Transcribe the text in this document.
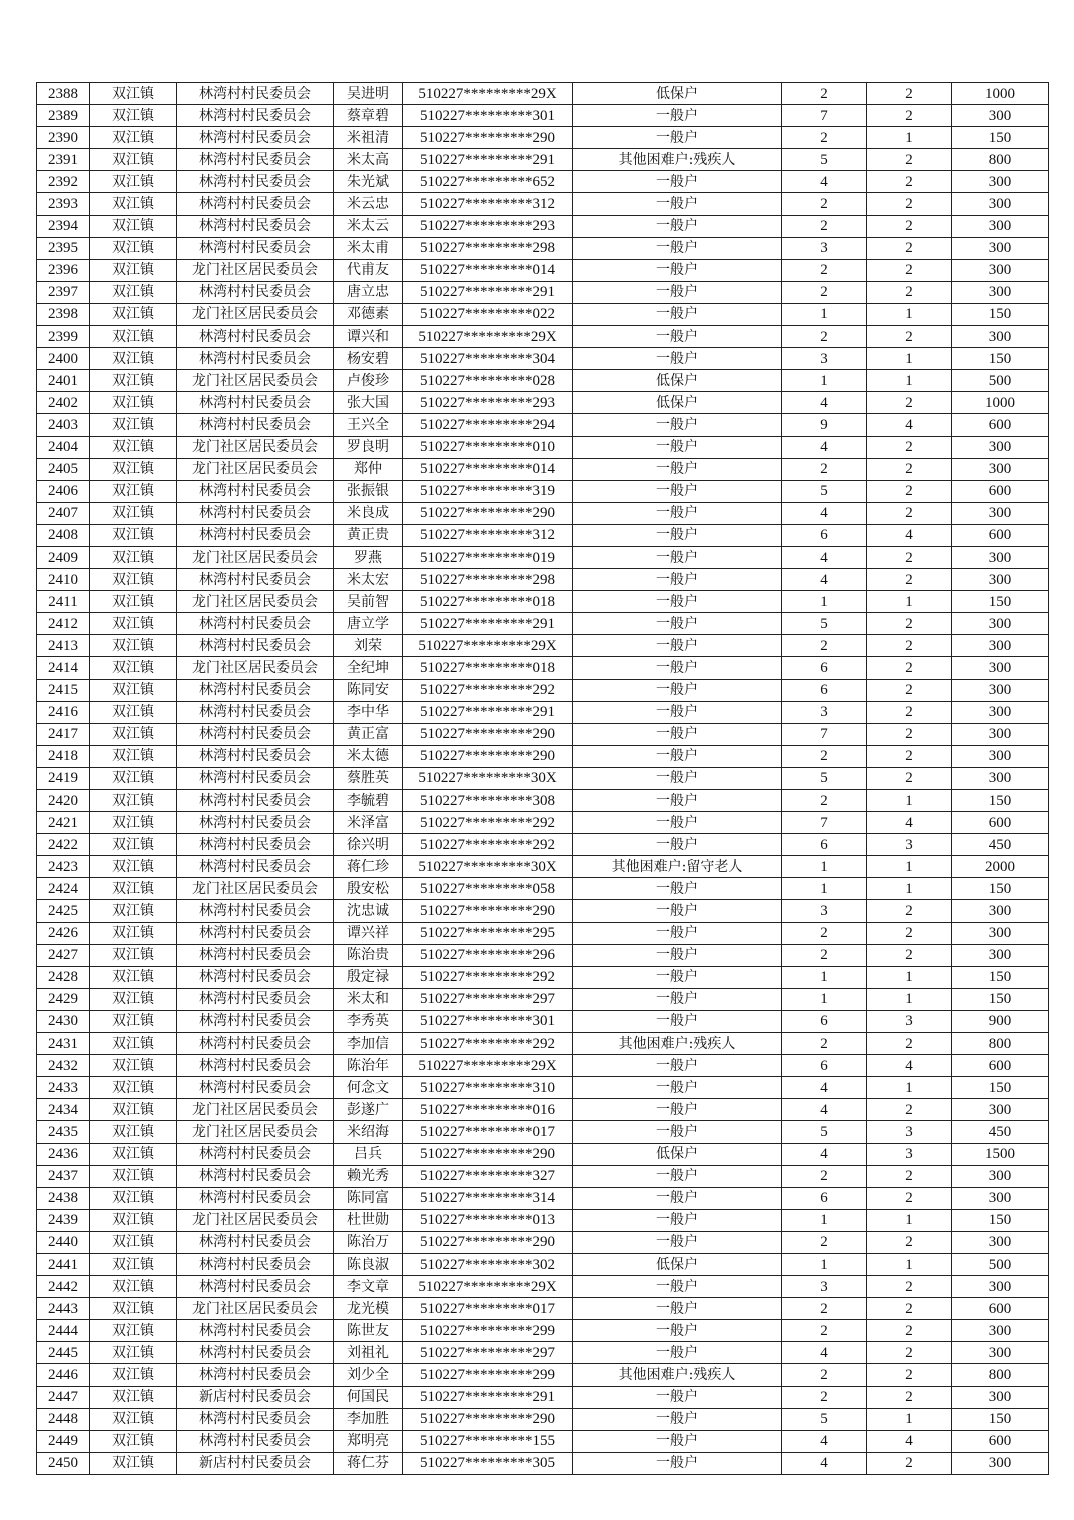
2388	双江镇	林湾村村民委员会	吴进明	510227*********29X	低保户	2	2	1000
2389	双江镇	林湾村村民委员会	蔡章碧	510227*********301	一般户	7	2	300
2390	双江镇	林湾村村民委员会	米祖清	510227*********290	一般户	2	1	150
2391	双江镇	林湾村村民委员会	米太高	510227*********291	其他困难户:残疾人	5	2	800
2392	双江镇	林湾村村民委员会	朱光斌	510227*********652	一般户	4	2	300
2393	双江镇	林湾村村民委员会	米云忠	510227*********312	一般户	2	2	300
2394	双江镇	林湾村村民委员会	米太云	510227*********293	一般户	2	2	300
2395	双江镇	林湾村村民委员会	米太甫	510227*********298	一般户	3	2	300
2396	双江镇	龙门社区居民委员会	代甫友	510227*********014	一般户	2	2	300
2397	双江镇	林湾村村民委员会	唐立忠	510227*********291	一般户	2	2	300
2398	双江镇	龙门社区居民委员会	邓德素	510227*********022	一般户	1	1	150
2399	双江镇	林湾村村民委员会	谭兴和	510227*********29X	一般户	2	2	300
2400	双江镇	林湾村村民委员会	杨安碧	510227*********304	一般户	3	1	150
2401	双江镇	龙门社区居民委员会	卢俊珍	510227*********028	低保户	1	1	500
2402	双江镇	林湾村村民委员会	张大国	510227*********293	低保户	4	2	1000
2403	双江镇	林湾村村民委员会	王兴全	510227*********294	一般户	9	4	600
2404	双江镇	龙门社区居民委员会	罗良明	510227*********010	一般户	4	2	300
2405	双江镇	龙门社区居民委员会	郑仲	510227*********014	一般户	2	2	300
2406	双江镇	林湾村村民委员会	张振银	510227*********319	一般户	5	2	600
2407	双江镇	林湾村村民委员会	米良成	510227*********290	一般户	4	2	300
2408	双江镇	林湾村村民委员会	黄正贵	510227*********312	一般户	6	4	600
2409	双江镇	龙门社区居民委员会	罗燕	510227*********019	一般户	4	2	300
2410	双江镇	林湾村村民委员会	米太宏	510227*********298	一般户	4	2	300
2411	双江镇	龙门社区居民委员会	吴前智	510227*********018	一般户	1	1	150
2412	双江镇	林湾村村民委员会	唐立学	510227*********291	一般户	5	2	300
2413	双江镇	林湾村村民委员会	刘荣	510227*********29X	一般户	2	2	300
2414	双江镇	龙门社区居民委员会	全纪坤	510227*********018	一般户	6	2	300
2415	双江镇	林湾村村民委员会	陈同安	510227*********292	一般户	6	2	300
2416	双江镇	林湾村村民委员会	李中华	510227*********291	一般户	3	2	300
2417	双江镇	林湾村村民委员会	黄正富	510227*********290	一般户	7	2	300
2418	双江镇	林湾村村民委员会	米太德	510227*********290	一般户	2	2	300
2419	双江镇	林湾村村民委员会	蔡胜英	510227*********30X	一般户	5	2	300
2420	双江镇	林湾村村民委员会	李毓碧	510227*********308	一般户	2	1	150
2421	双江镇	林湾村村民委员会	米泽富	510227*********292	一般户	7	4	600
2422	双江镇	林湾村村民委员会	徐兴明	510227*********292	一般户	6	3	450
2423	双江镇	林湾村村民委员会	蒋仁珍	510227*********30X	其他困难户:留守老人	1	1	2000
2424	双江镇	龙门社区居民委员会	殷安松	510227*********058	一般户	1	1	150
2425	双江镇	林湾村村民委员会	沈忠诚	510227*********290	一般户	3	2	300
2426	双江镇	林湾村村民委员会	谭兴祥	510227*********295	一般户	2	2	300
2427	双江镇	林湾村村民委员会	陈治贵	510227*********296	一般户	2	2	300
2428	双江镇	林湾村村民委员会	殷定禄	510227*********292	一般户	1	1	150
2429	双江镇	林湾村村民委员会	米太和	510227*********297	一般户	1	1	150
2430	双江镇	林湾村村民委员会	李秀英	510227*********301	一般户	6	3	900
2431	双江镇	林湾村村民委员会	李加信	510227*********292	其他困难户:残疾人	2	2	800
2432	双江镇	林湾村村民委员会	陈治年	510227*********29X	一般户	6	4	600
2433	双江镇	林湾村村民委员会	何念文	510227*********310	一般户	4	1	150
2434	双江镇	龙门社区居民委员会	彭遂广	510227*********016	一般户	4	2	300
2435	双江镇	龙门社区居民委员会	米绍海	510227*********017	一般户	5	3	450
2436	双江镇	林湾村村民委员会	吕兵	510227*********290	低保户	4	3	1500
2437	双江镇	林湾村村民委员会	赖光秀	510227*********327	一般户	2	2	300
2438	双江镇	林湾村村民委员会	陈同富	510227*********314	一般户	6	2	300
2439	双江镇	龙门社区居民委员会	杜世勋	510227*********013	一般户	1	1	150
2440	双江镇	林湾村村民委员会	陈治万	510227*********290	一般户	2	2	300
2441	双江镇	林湾村村民委员会	陈良淑	510227*********302	低保户	1	1	500
2442	双江镇	林湾村村民委员会	李文章	510227*********29X	一般户	3	2	300
2443	双江镇	龙门社区居民委员会	龙光模	510227*********017	一般户	2	2	600
2444	双江镇	林湾村村民委员会	陈世友	510227*********299	一般户	2	2	300
2445	双江镇	林湾村村民委员会	刘祖礼	510227*********297	一般户	4	2	300
2446	双江镇	林湾村村民委员会	刘少全	510227*********299	其他困难户:残疾人	2	2	800
2447	双江镇	新店村村民委员会	何国民	510227*********291	一般户	2	2	300
2448	双江镇	林湾村村民委员会	李加胜	510227*********290	一般户	5	1	150
2449	双江镇	林湾村村民委员会	郑明亮	510227*********155	一般户	4	4	600
2450	双江镇	新店村村民委员会	蒋仁芬	510227*********305	一般户	4	2	300
